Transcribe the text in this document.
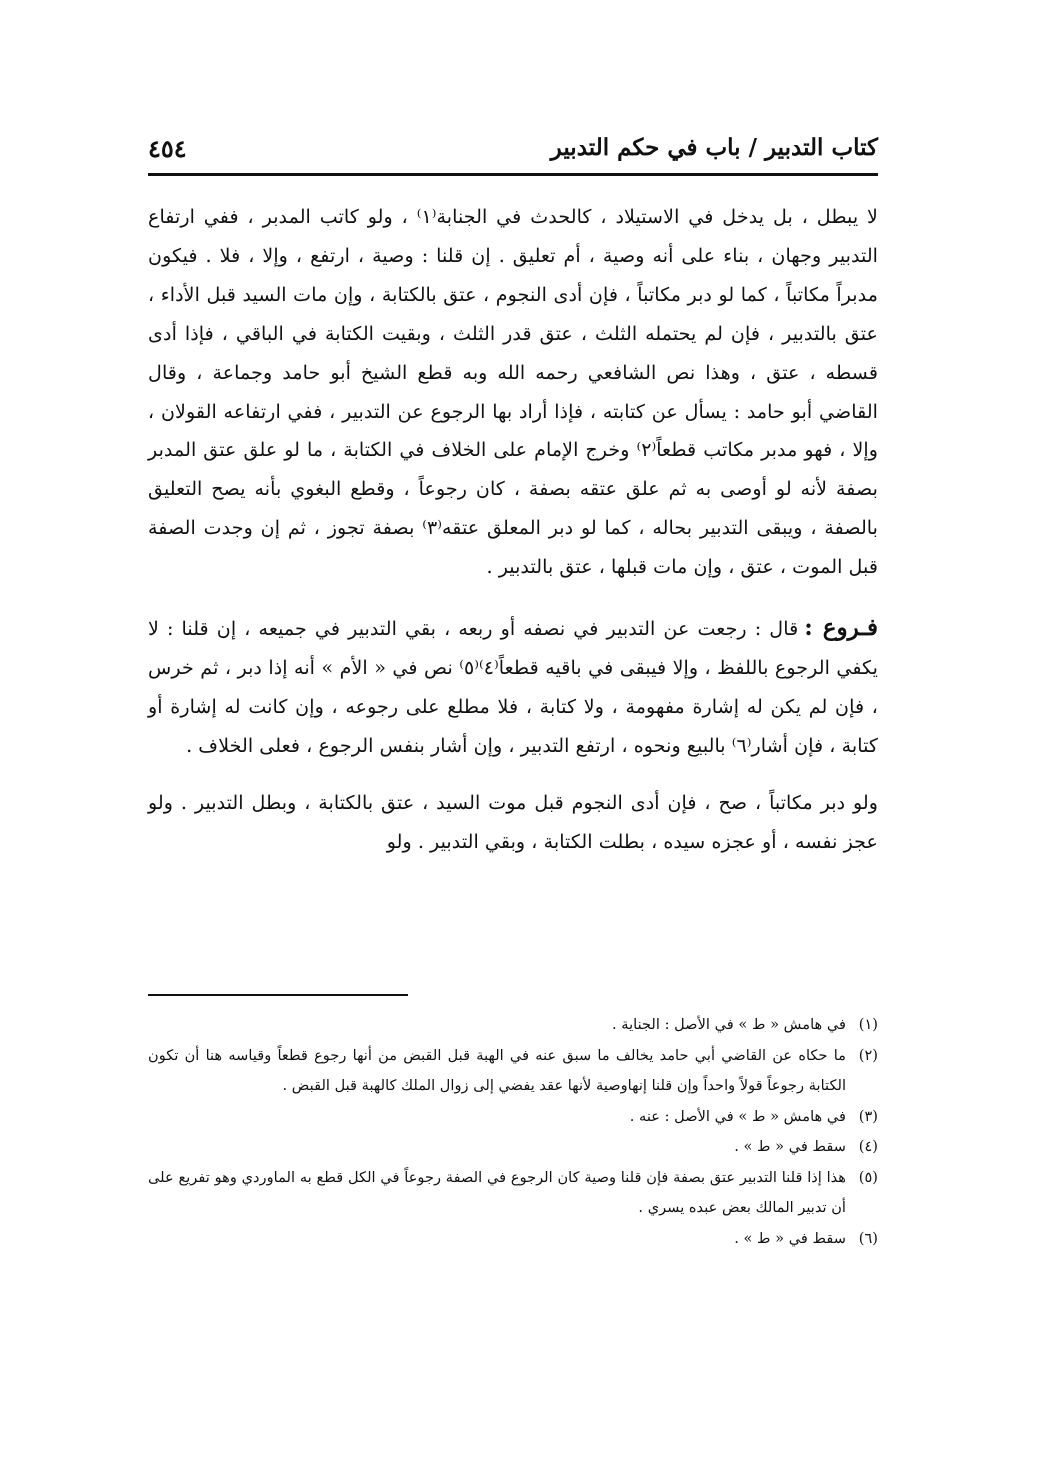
كتاب التدبير / باب في حكم التدبير
٤٥٤

لا يبطل ، بل يدخل في الاستيلاد ، كالحدث في الجنابة⁽١⁾ ، ولو كاتب المدبر ، ففي ارتفاع التدبير وجهان ، بناء على أنه وصية ، أم تعليق . إن قلنا : وصية ، ارتفع ، وإلا ، فلا . فيكون مدبراً مكاتباً ، كما لو دبر مكاتباً ، فإن أدى النجوم ، عتق بالكتابة ، وإن مات السيد قبل الأداء ، عتق بالتدبير ، فإن لم يحتمله الثلث ، عتق قدر الثلث ، وبقيت الكتابة في الباقي ، فإذا أدى قسطه ، عتق ، وهذا نص الشافعي رحمه الله وبه قطع الشيخ أبو حامد وجماعة ، وقال القاضي أبو حامد : يسأل عن كتابته ، فإذا أراد بها الرجوع عن التدبير ، ففي ارتفاعه القولان ، وإلا ، فهو مدبر مكاتب قطعاً⁽٢⁾ وخرج الإمام على الخلاف في الكتابة ، ما لو علق عتق المدبر بصفة لأنه لو أوصى به ثم علق عتقه بصفة ، كان رجوعاً ، وقطع البغوي بأنه يصح التعليق بالصفة ، ويبقى التدبير بحاله ، كما لو دبر المعلق عتقه⁽٣⁾ بصفة تجوز ، ثم إن وجدت الصفة قبل الموت ، عتق ، وإن مات قبلها ، عتق بالتدبير .

فـروع :قال : رجعت عن التدبير في نصفه أو ربعه ، بقي التدبير في جميعه ، إن قلنا : لا يكفي الرجوع باللفظ ، وإلا فيبقى في باقيه قطعاً⁽٤⁾⁽٥⁾ نص في « الأم » أنه إذا دبر ، ثم خرس ، فإن لم يكن له إشارة مفهومة ، ولا كتابة ، فلا مطلع على رجوعه ، وإن كانت له إشارة أو كتابة ، فإن أشار⁽٦⁾ بالبيع ونحوه ، ارتفع التدبير ، وإن أشار بنفس الرجوع ، فعلى الخلاف .

ولو دبر مكاتباً ، صح ، فإن أدى النجوم قبل موت السيد ، عتق بالكتابة ، وبطل التدبير . ولو عجز نفسه ، أو عجزه سيده ، بطلت الكتابة ، وبقي التدبير . ولو

(١)
في هامش « ط » في الأصل : الجناية .
(٢)
ما حكاه عن القاضي أبي حامد يخالف ما سبق عنه في الهبة قبل القبض من أنها رجوع قطعاً وقياسه هنا أن تكون الكتابة رجوعاً قولاً واحداً وإن قلنا إنهاوصية لأنها عقد يفضي إلى زوال الملك كالهبة قبل القبض .
(٣)
في هامش « ط » في الأصل : عنه .
(٤)
سقط في « ط » .
(٥)
هذا إذا قلنا التدبير عتق بصفة فإن قلنا وصية كان الرجوع في الصفة رجوعاً في الكل قطع به الماوردي وهو تفريع على أن تدبير المالك بعض عبده يسري .
(٦)
سقط في « ط » .
